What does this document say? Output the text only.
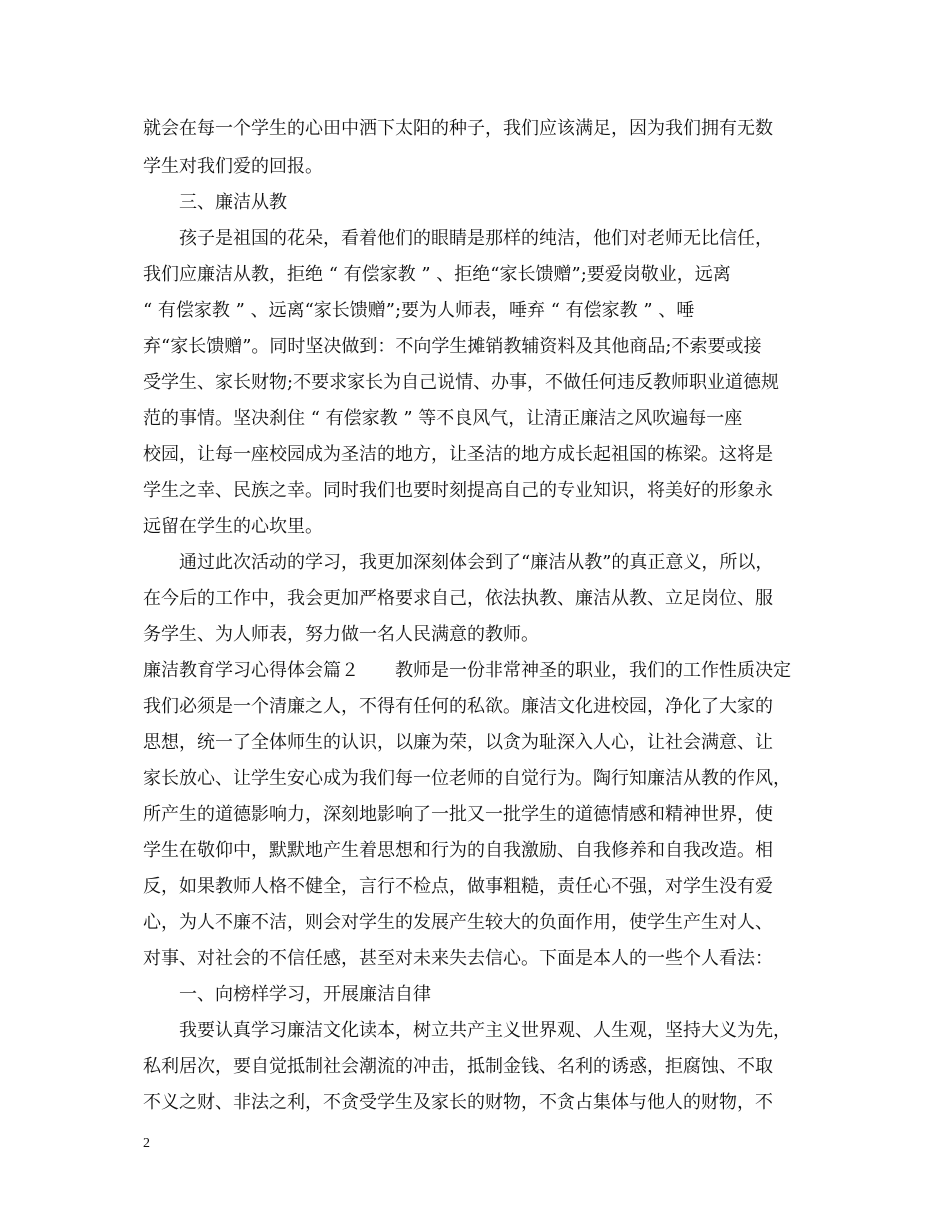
就会在每一个学生的心田中洒下太阳的种子，我们应该满足，因为我们拥有无数
学生对我们爱的回报。
三、廉洁从教
孩子是祖国的花朵，看着他们的眼睛是那样的纯洁，他们对老师无比信任，
我们应廉洁从教，拒绝 “ 有偿家教 ” 、拒绝“家长馈赠”;要爱岗敬业，远离
“ 有偿家教 ” 、远离“家长馈赠”;要为人师表，唾弃 “ 有偿家教 ” 、唾
弃“家长馈赠”。同时坚决做到：不向学生摊销教辅资料及其他商品;不索要或接
受学生、家长财物;不要求家长为自己说情、办事，不做任何违反教师职业道德规
范的事情。坚决刹住 “ 有偿家教 ” 等不良风气，让清正廉洁之风吹遍每一座
校园，让每一座校园成为圣洁的地方，让圣洁的地方成长起祖国的栋梁。这将是
学生之幸、民族之幸。同时我们也要时刻提高自己的专业知识，将美好的形象永
远留在学生的心坎里。
通过此次活动的学习，我更加深刻体会到了“廉洁从教”的真正意义，所以，
在今后的工作中，我会更加严格要求自己，依法执教、廉洁从教、立足岗位、服
务学生、为人师表，努力做一名人民满意的教师。
廉洁教育学习心得体会篇２　　教师是一份非常神圣的职业，我们的工作性质决定
我们必须是一个清廉之人，不得有任何的私欲。廉洁文化进校园，净化了大家的
思想，统一了全体师生的认识，以廉为荣，以贪为耻深入人心，让社会满意、让
家长放心、让学生安心成为我们每一位老师的自觉行为。陶行知廉洁从教的作风，
所产生的道德影响力，深刻地影响了一批又一批学生的道德情感和精神世界，使
学生在敬仰中，默默地产生着思想和行为的自我激励、自我修养和自我改造。相
反，如果教师人格不健全，言行不检点，做事粗糙，责任心不强，对学生没有爱
心，为人不廉不洁，则会对学生的发展产生较大的负面作用，使学生产生对人、
对事、对社会的不信任感，甚至对未来失去信心。下面是本人的一些个人看法：
一、向榜样学习，开展廉洁自律
我要认真学习廉洁文化读本，树立共产主义世界观、人生观，坚持大义为先，
私利居次，要自觉抵制社会潮流的冲击，抵制金钱、名利的诱惑，拒腐蚀、不取
不义之财、非法之利，不贪受学生及家长的财物，不贪占集体与他人的财物，不
2
